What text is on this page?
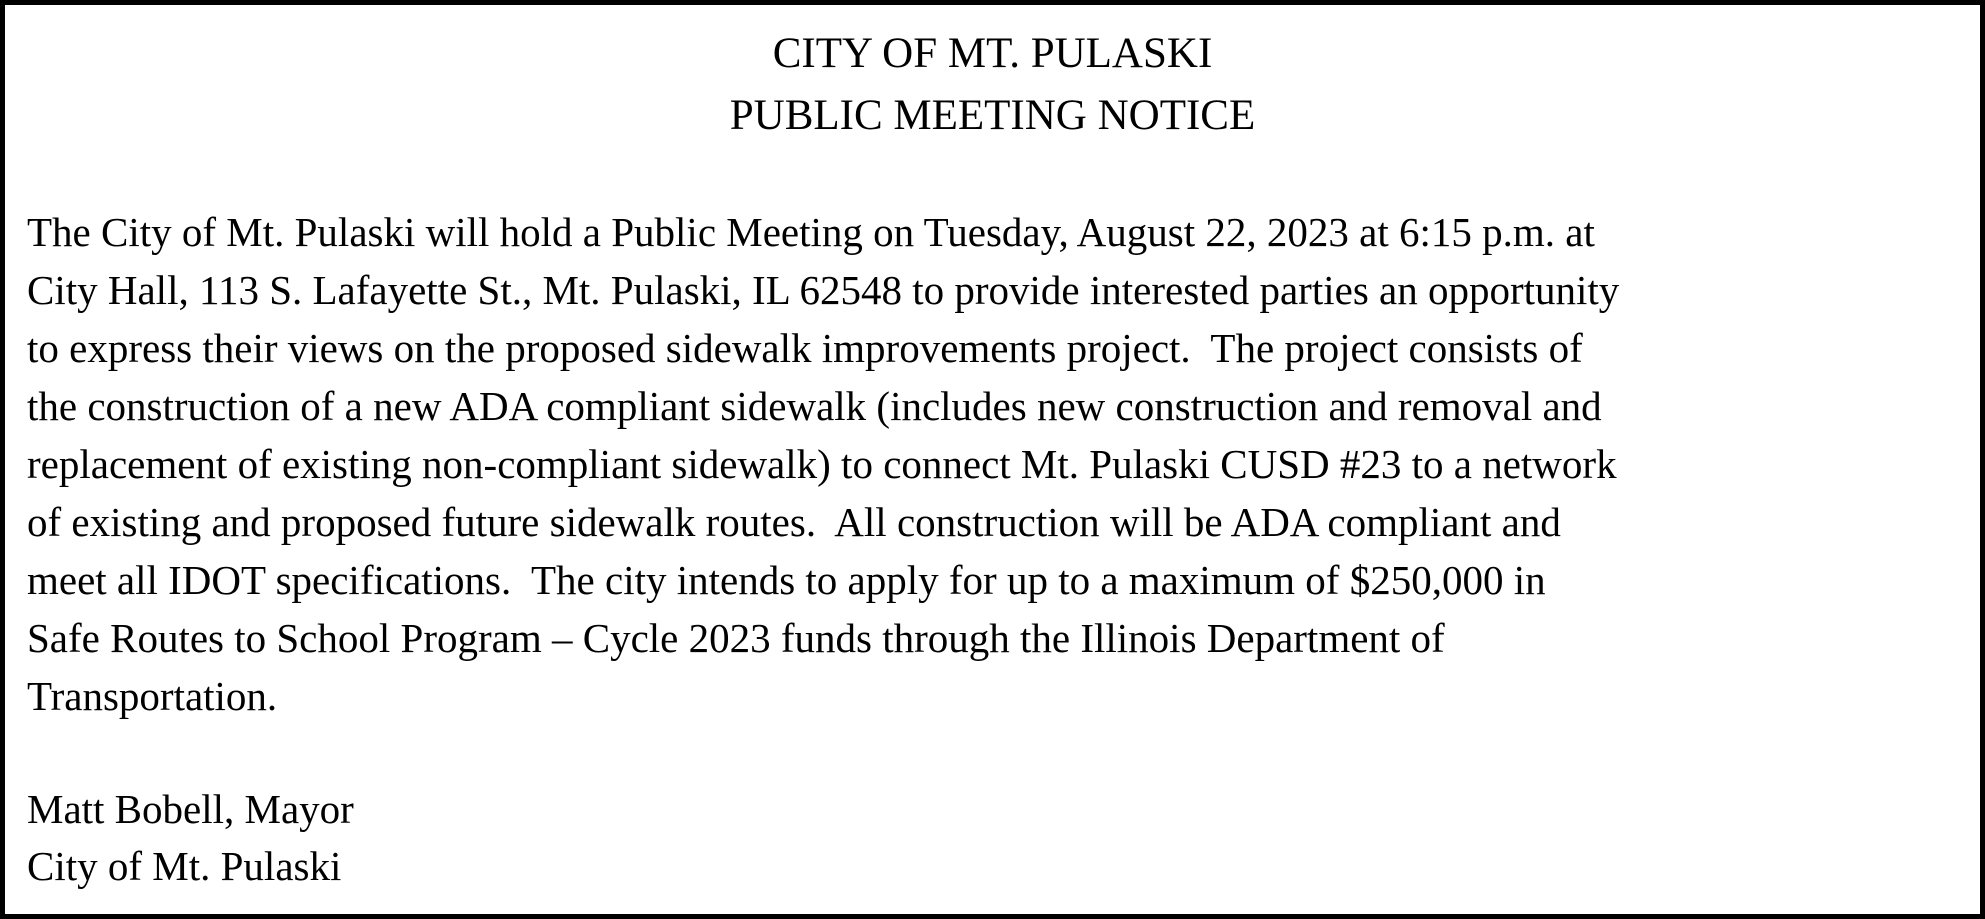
CITY OF MT. PULASKI
PUBLIC MEETING NOTICE
The City of Mt. Pulaski will hold a Public Meeting on Tuesday, August 22, 2023 at 6:15 p.m. at
City Hall, 113 S. Lafayette St., Mt. Pulaski, IL 62548 to provide interested parties an opportunity
to express their views on the proposed sidewalk improvements project.  The project consists of
the construction of a new ADA compliant sidewalk (includes new construction and removal and
replacement of existing non-compliant sidewalk) to connect Mt. Pulaski CUSD #23 to a network
of existing and proposed future sidewalk routes.  All construction will be ADA compliant and
meet all IDOT specifications.  The city intends to apply for up to a maximum of $250,000 in
Safe Routes to School Program – Cycle 2023 funds through the Illinois Department of
Transportation.
Matt Bobell, Mayor
City of Mt. Pulaski
